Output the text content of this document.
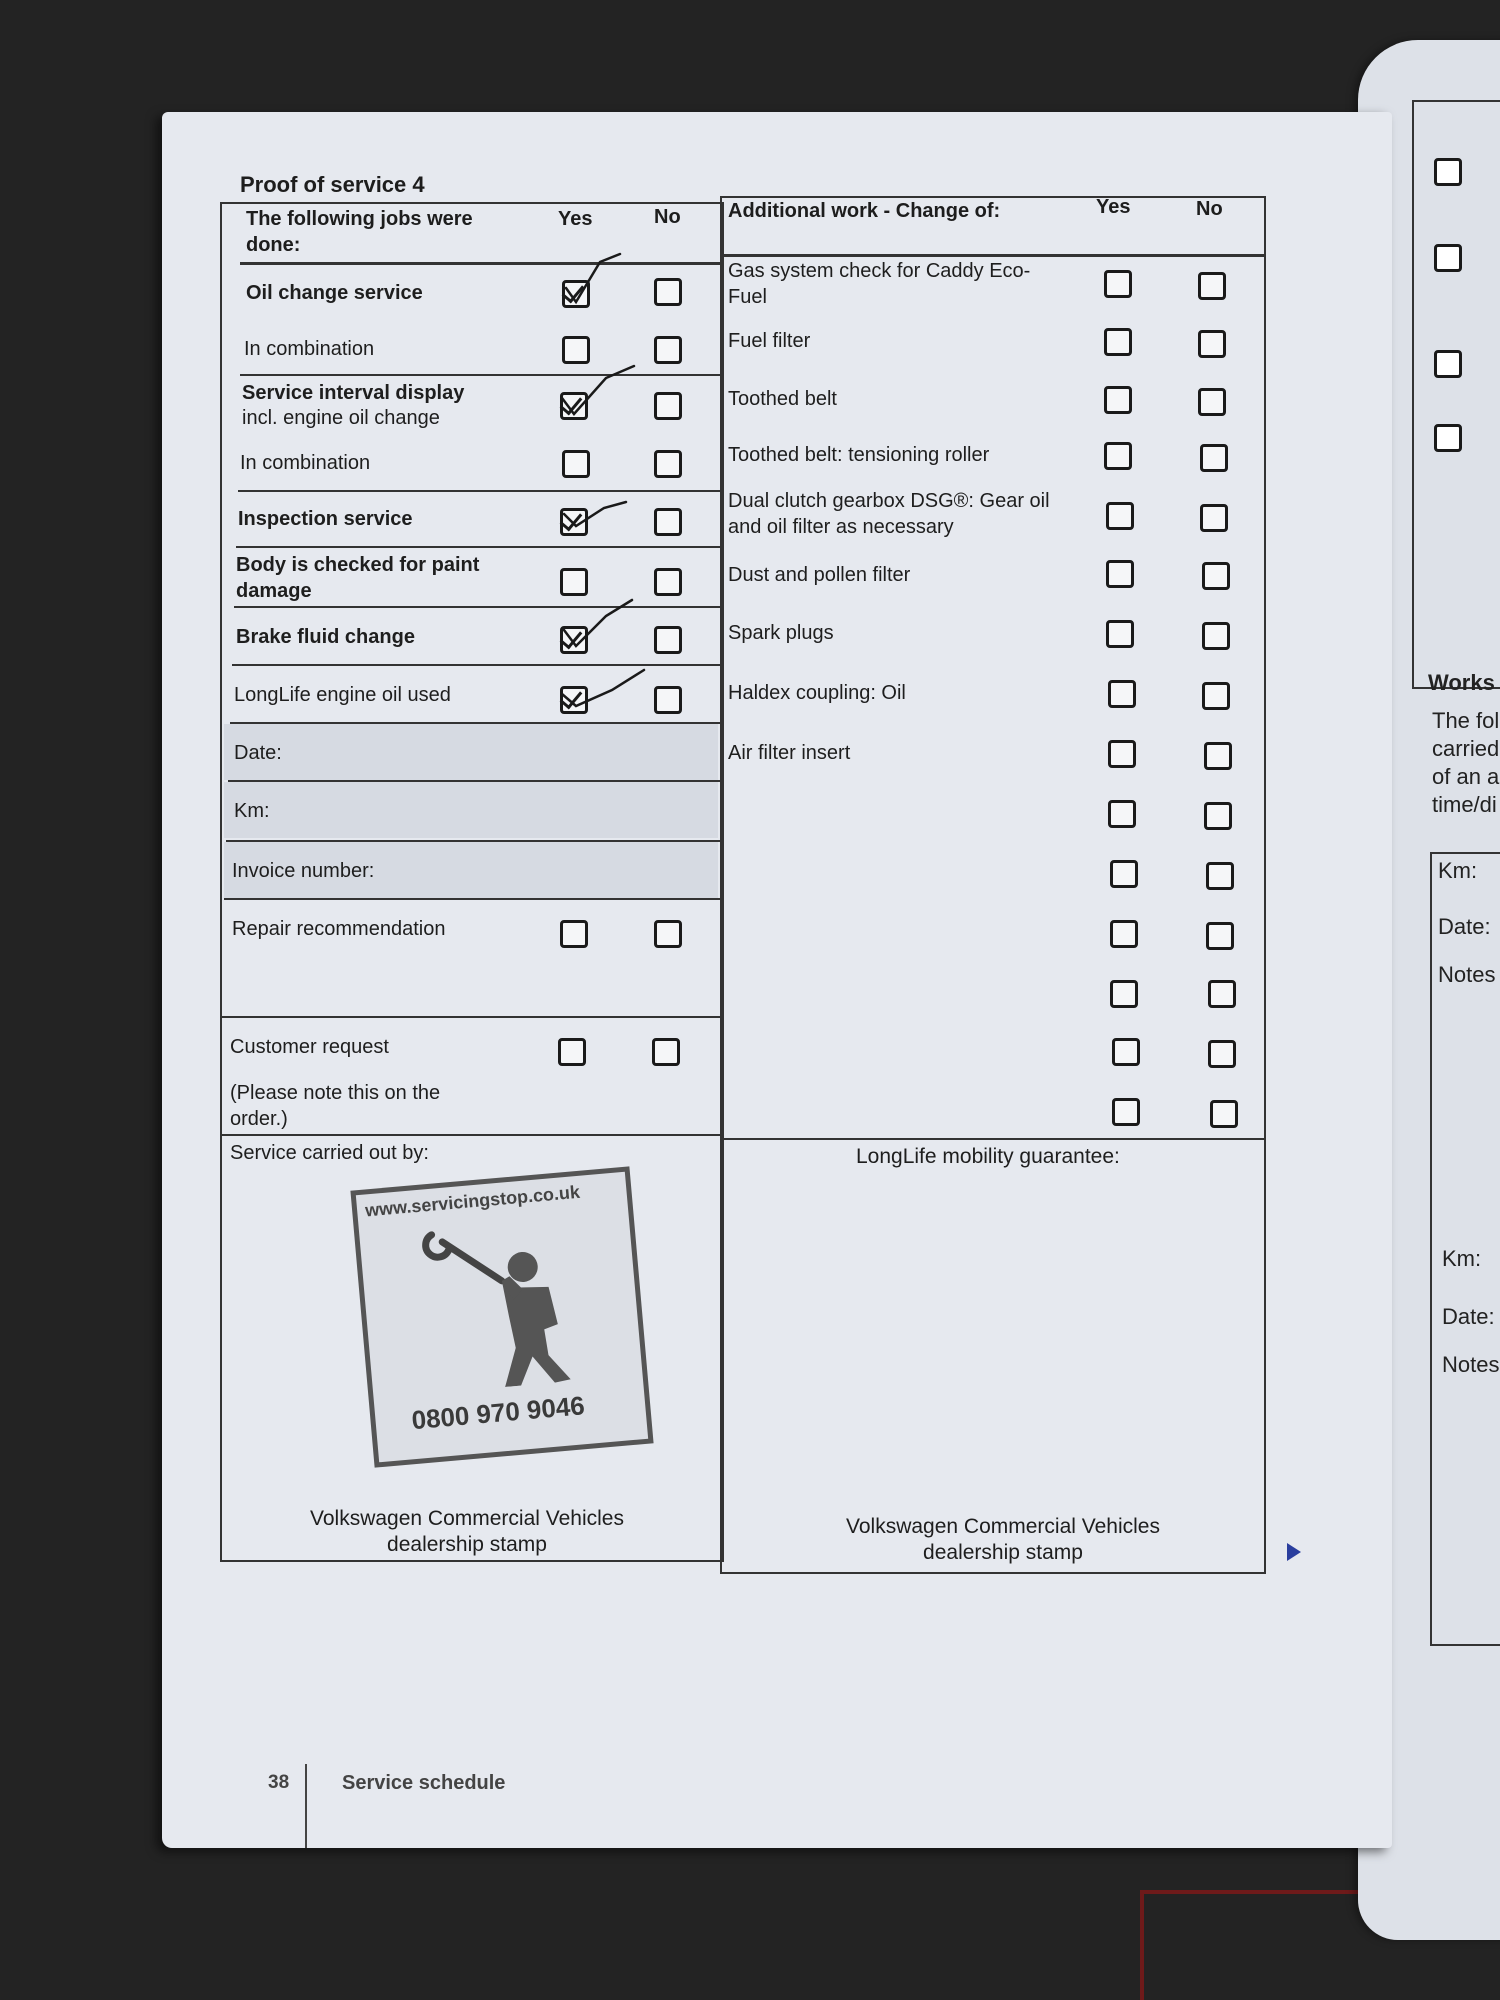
Works
The fol
carried
of an a
time/di
Km:
Date:
Notes
Km:
Date:
Notes
Proof of service 4
The following jobs were done:
Yes	No
Oil change service
In combination
Service interval display
incl. engine oil change
In combination
Inspection service
Body is checked for paint damage
Brake fluid change
LongLife engine oil used
Date:
Km:
Invoice number:
Repair recommendation
Customer request
(Please note this on the order.)
Service carried out by:
www.servicingstop.co.uk
0800 970 9046
Volkswagen Commercial Vehicles dealership stamp
Additional work - Change of:	Yes	No
Gas system check for Caddy Eco-Fuel
Fuel filter
Toothed belt
Toothed belt: tensioning roller
Dual clutch gearbox DSG®: Gear oil and oil filter as necessary
Dust and pollen filter
Spark plugs
Haldex coupling: Oil
Air filter insert
LongLife mobility guarantee:
Volkswagen Commercial Vehicles dealership stamp
38	Service schedule
